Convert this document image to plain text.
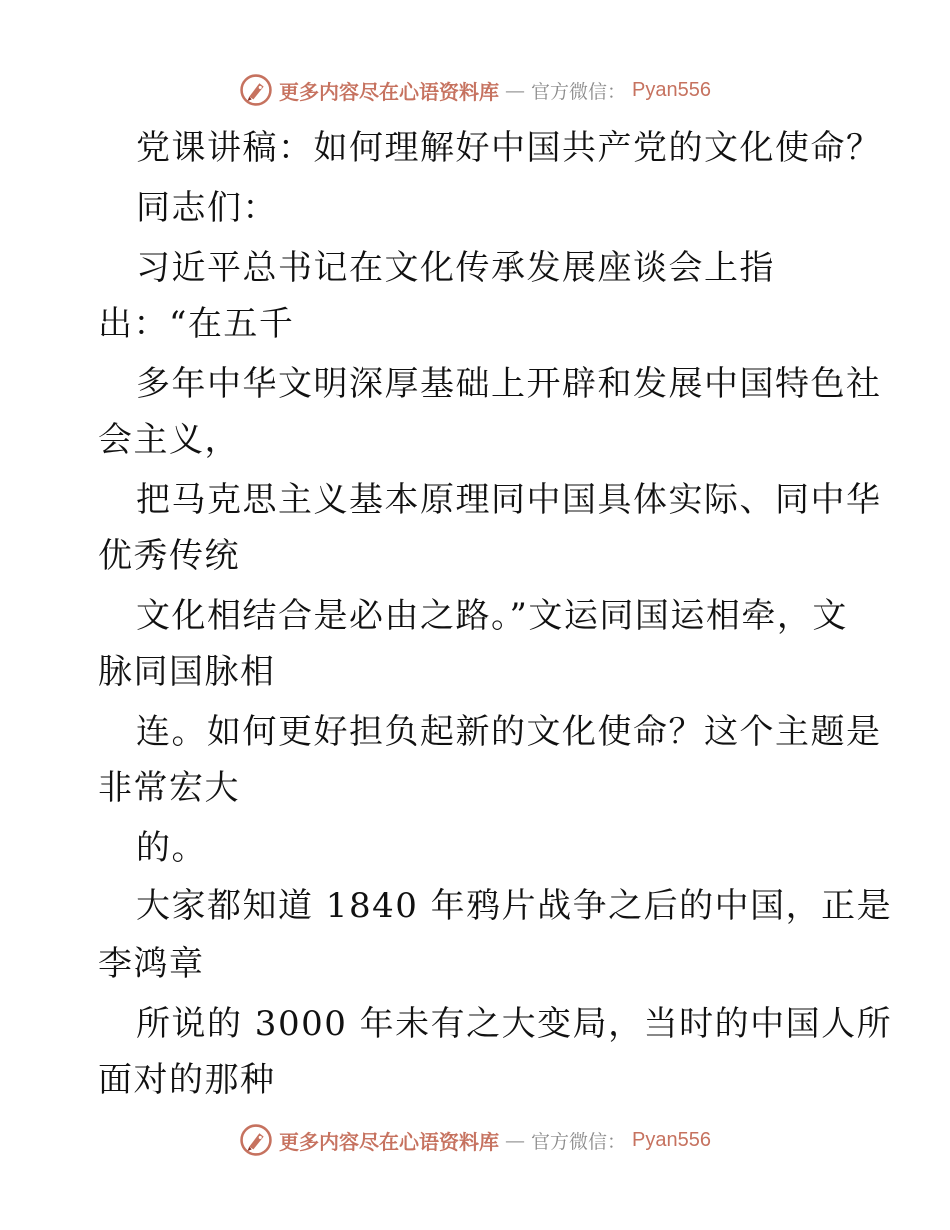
更多内容尽在心语资料库 — 官方微信： Pyan556
党课讲稿：如何理解好中国共产党的文化使命？
同志们：
习近平总书记在文化传承发展座谈会上指
出：“在五千
多年中华文明深厚基础上开辟和发展中国特色社
会主义，
把马克思主义基本原理同中国具体实际、同中华
优秀传统
文化相结合是必由之路。”文运同国运相牵，文
脉同国脉相
连。如何更好担负起新的文化使命？这个主题是
非常宏大
的。
大家都知道 1840 年鸦片战争之后的中国，正是
李鸿章
所说的 3000 年未有之大变局，当时的中国人所
面对的那种
更多内容尽在心语资料库 — 官方微信： Pyan556
